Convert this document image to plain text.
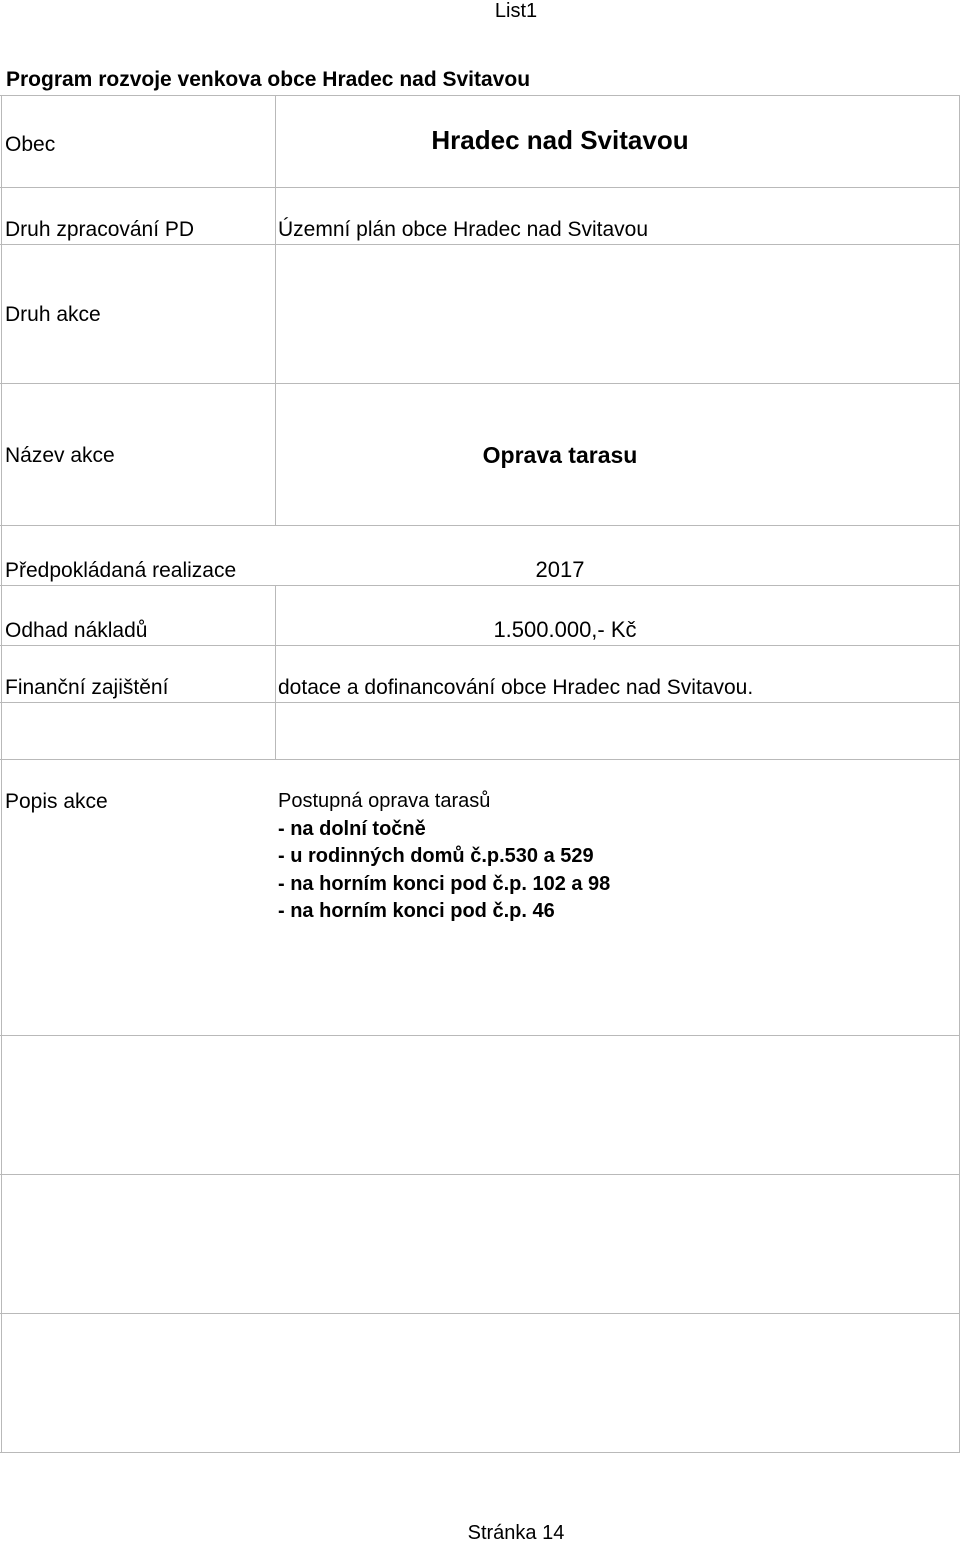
List1
Program rozvoje venkova obce Hradec nad Svitavou
Obec	Hradec nad Svitavou
Druh zpracování PD	Územní plán obce Hradec nad Svitavou
Druh akce
Název akce	Oprava tarasu
Předpokládaná realizace	2017
Odhad nákladů	1.500.000,- Kč
Finanční zajištění	dotace a dofinancování obce Hradec nad Svitavou.
Popis akce	Postupná oprava tarasů
- na dolní točně
- u rodinných domů č.p.530 a 529
- na horním konci pod č.p. 102 a 98
- na horním konci pod č.p. 46
Stránka 14
